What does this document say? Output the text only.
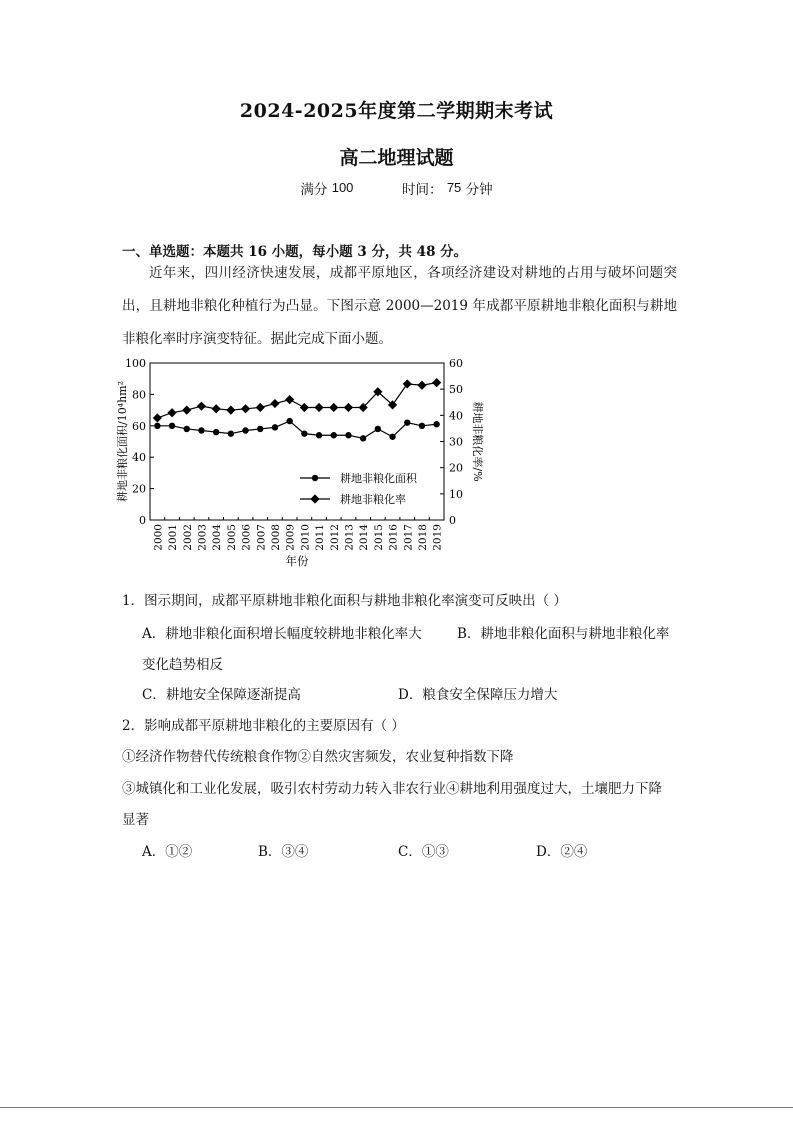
2024-2025年度第二学期期末考试
高二地理试题
满分 100	时间： 75 分钟
一、单选题：本题共 16 小题，每小题 3 分，共 48 分。
近年来，四川经济快速发展，成都平原地区，各项经济建设对耕地的占用与破坏问题突出，且耕地非粮化种植行为凸显。下图示意 2000—2019 年成都平原耕地非粮化面积与耕地非粮化率时序演变特征。据此完成下面小题。
0
20
40
60
80
100
0
10
20
30
40
50
60
2000 2001 2002 2003 2004 2005 2006 2007 2008 2009 2010 2011 2012 2013 2014 2015 2016 2017 2018 2019
年份
耕地非粮化面积/10⁴hm²	耕地非粮化率/%
耕地非粮化面积
耕地非粮化率
1．图示期间，成都平原耕地非粮化面积与耕地非粮化率演变可反映出（ ）
A．耕地非粮化面积增长幅度较耕地非粮化率大	B．耕地非粮化面积与耕地非粮化率
变化趋势相反
C．耕地安全保障逐渐提高	D．粮食安全保障压力增大
2．影响成都平原耕地非粮化的主要原因有（ ）
①经济作物替代传统粮食作物②自然灾害频发，农业复种指数下降
③城镇化和工业化发展，吸引农村劳动力转入非农行业④耕地利用强度过大，土壤肥力下降
显著
A．①②	B．③④	C．①③	D．②④
